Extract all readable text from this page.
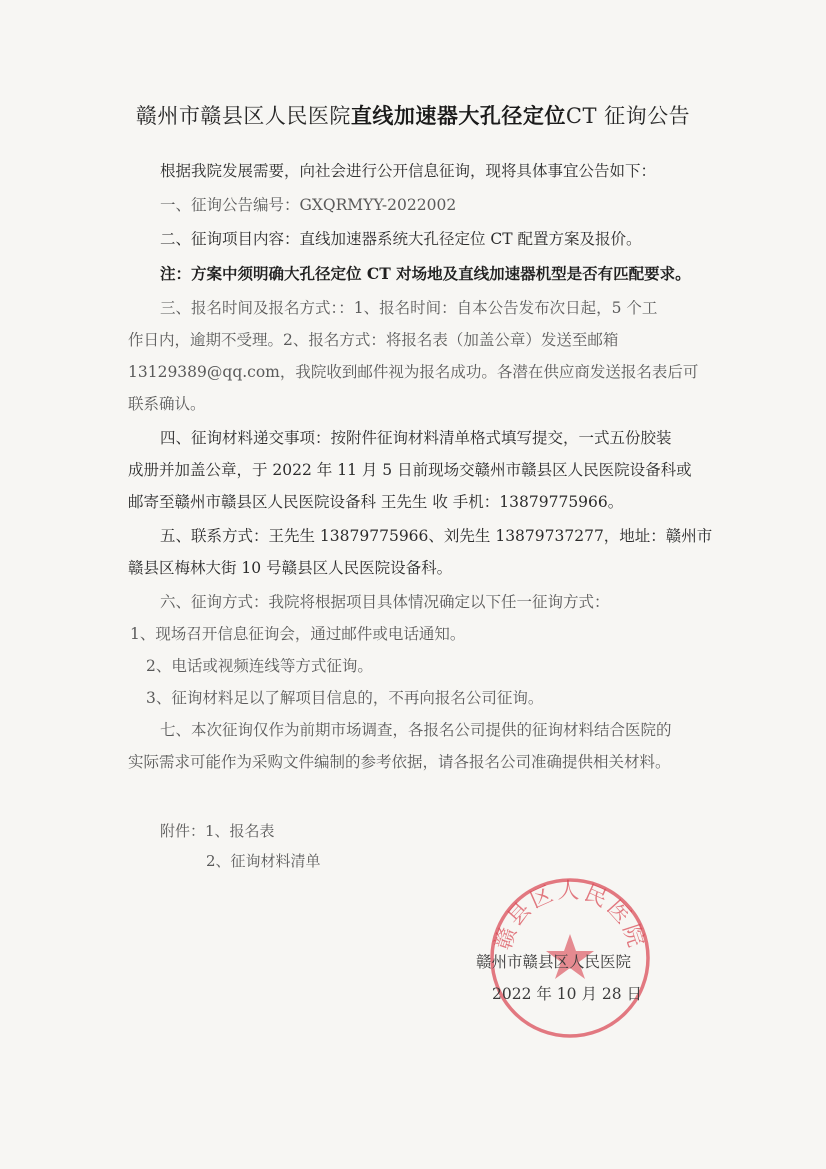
赣州市赣县区人民医院直线加速器大孔径定位CT 征询公告
根据我院发展需要，向社会进行公开信息征询，现将具体事宜公告如下：
一、征询公告编号：GXQRMYY-2022002
二、征询项目内容：直线加速器系统大孔径定位 CT 配置方案及报价。
注：方案中须明确大孔径定位 CT 对场地及直线加速器机型是否有匹配要求。
三、报名时间及报名方式：：1、报名时间：自本公告发布次日起，5 个工
作日内，逾期不受理。2、报名方式：将报名表（加盖公章）发送至邮箱
13129389@qq.com，我院收到邮件视为报名成功。各潜在供应商发送报名表后可
联系确认。
四、征询材料递交事项：按附件征询材料清单格式填写提交，一式五份胶装
成册并加盖公章，于 2022 年 11 月 5 日前现场交赣州市赣县区人民医院设备科或
邮寄至赣州市赣县区人民医院设备科 王先生 收 手机：13879775966。
五、联系方式：王先生 13879775966、刘先生 13879737277，地址：赣州市
赣县区梅林大街 10 号赣县区人民医院设备科。
六、征询方式：我院将根据项目具体情况确定以下任一征询方式：
1、现场召开信息征询会，通过邮件或电话通知。
2、电话或视频连线等方式征询。
3、征询材料足以了解项目信息的，不再向报名公司征询。
七、本次征询仅作为前期市场调查，各报名公司提供的征询材料结合医院的
实际需求可能作为采购文件编制的参考依据，请各报名公司准确提供相关材料。
附件：1、报名表
2、征询材料清单
赣县区人民医院
赣州市赣县区人民医院
2022 年 10 月 28 日
